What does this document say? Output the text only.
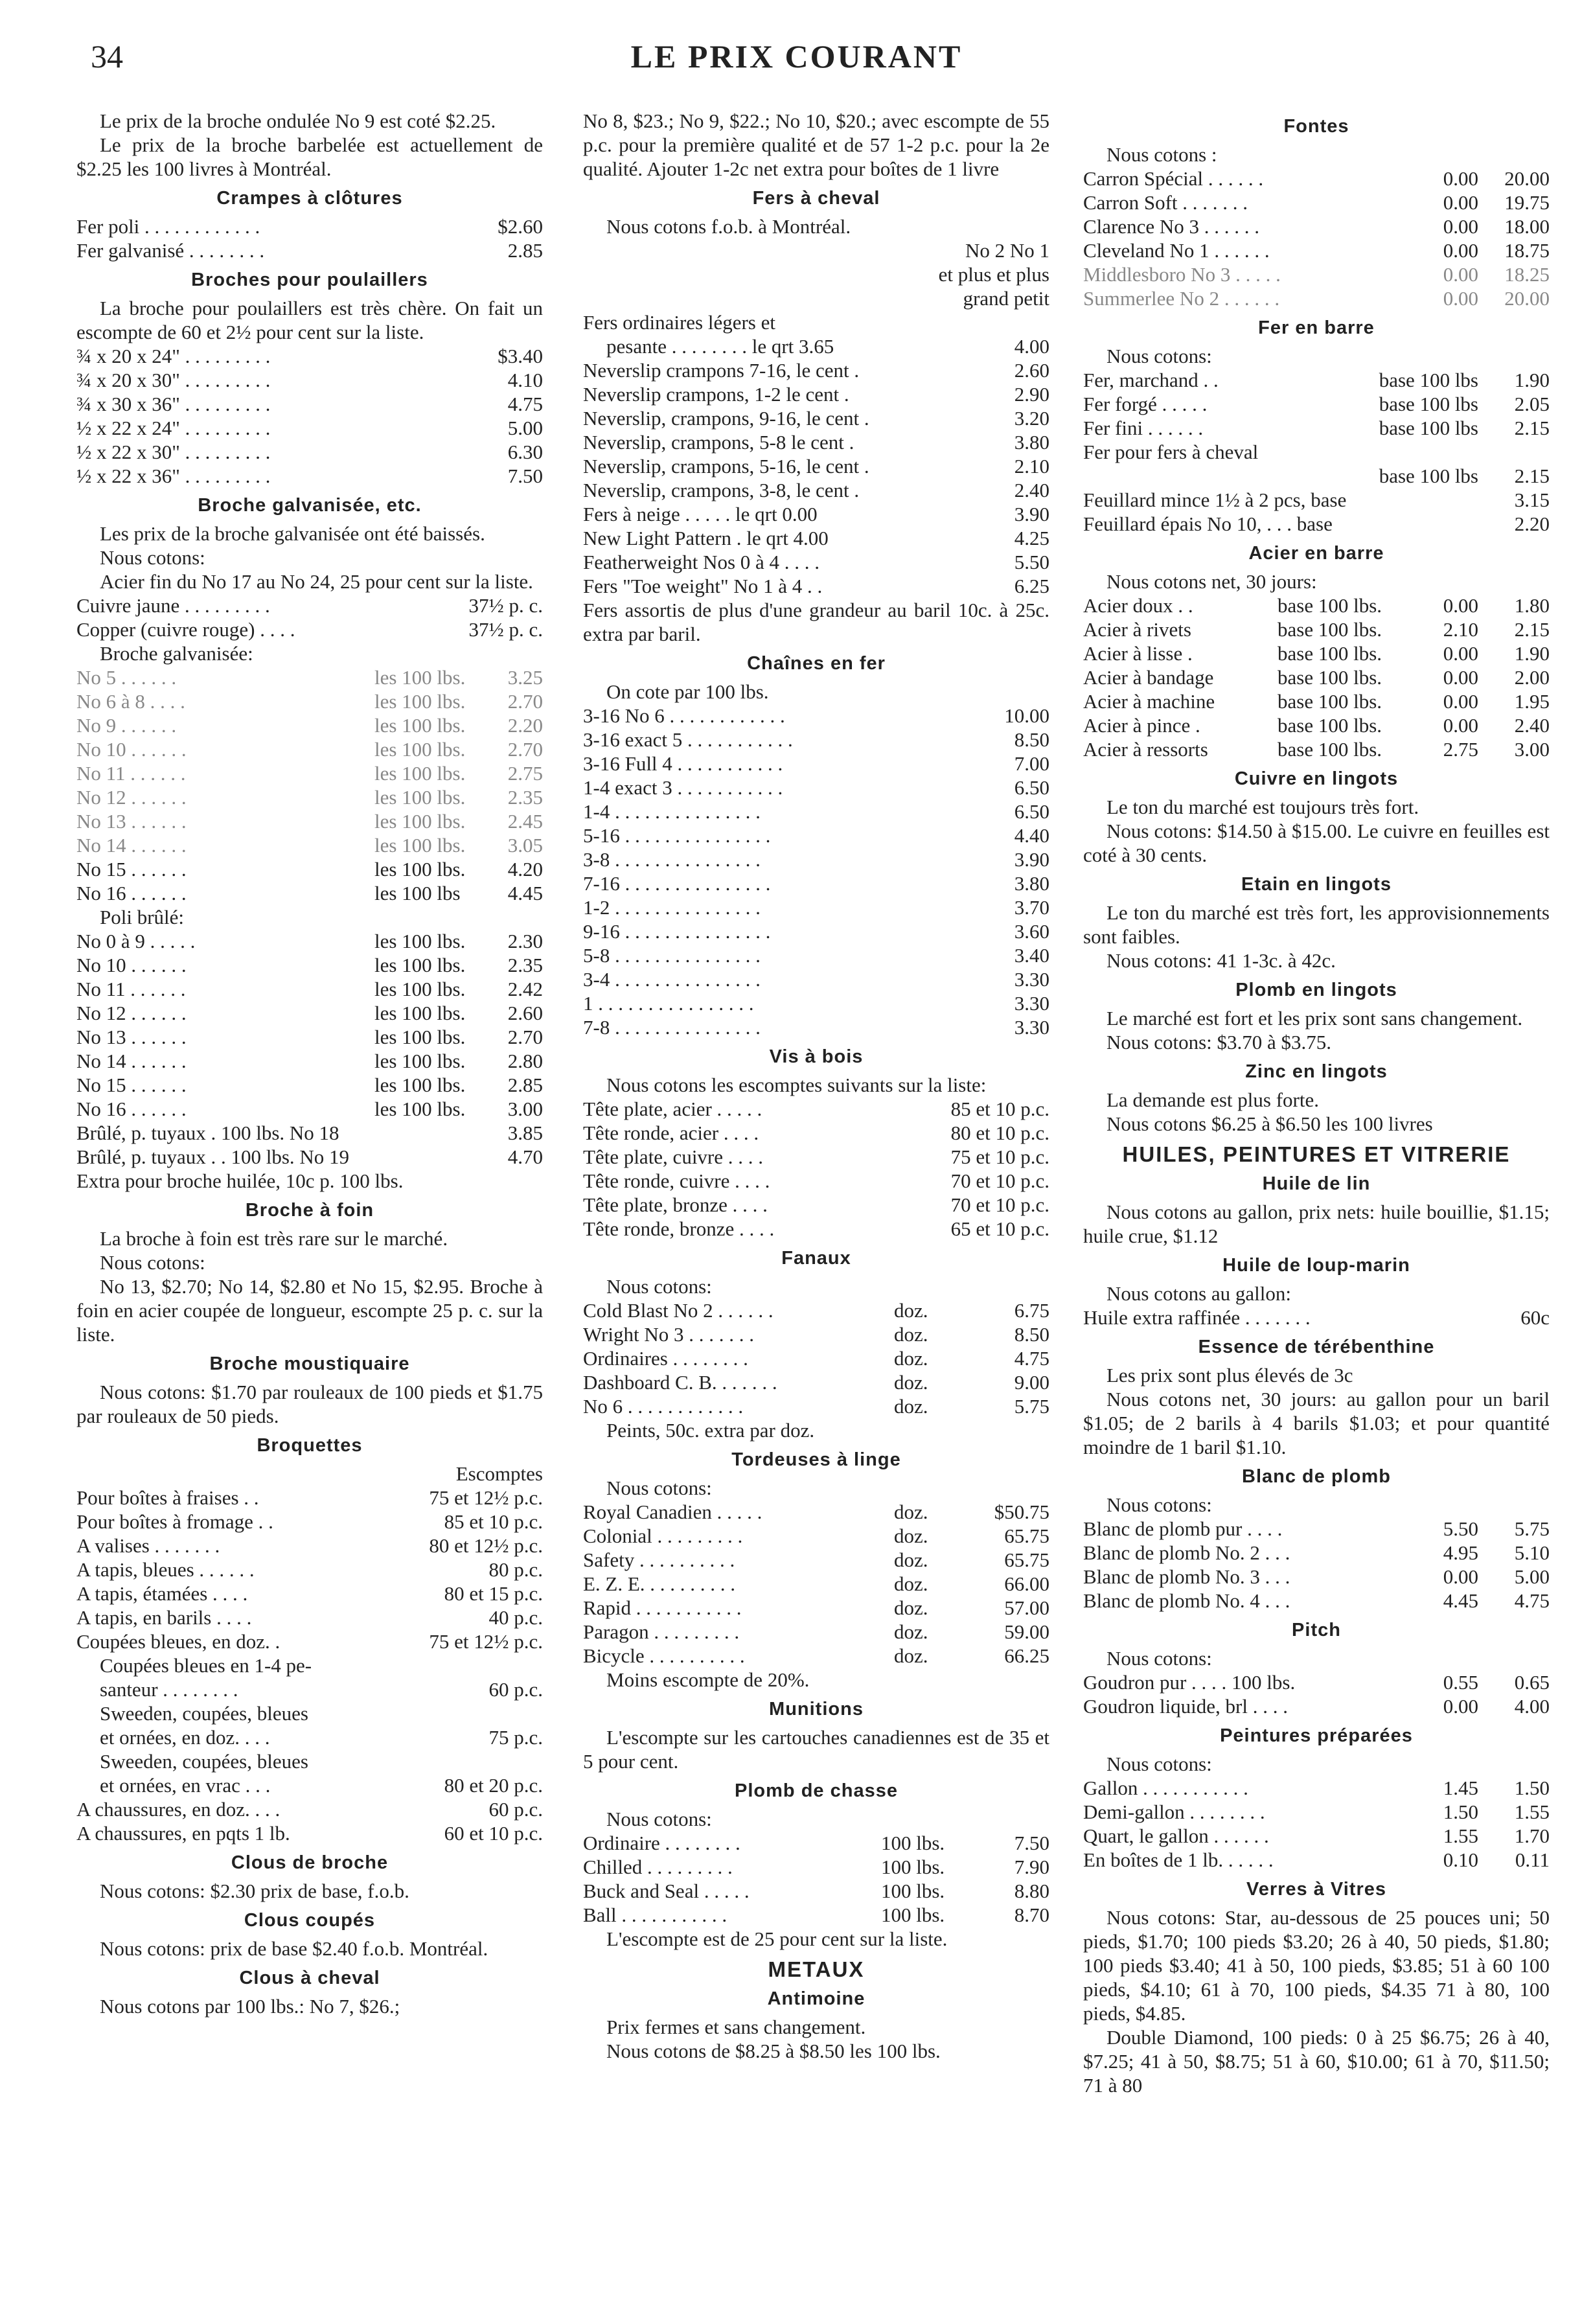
34	LE PRIX COURANT

Le prix de la broche ondulée No 9 est coté $2.25.

Le prix de la broche barbelée est actuellement de $2.25 les 100 livres à Montréal.

Crampes à clôtures
Fer poli . . . . . . . . . . . .	$2.60
Fer galvanisé . . . . . . . .	2.85
Broches pour poulaillers

La broche pour poulaillers est très chère. On fait un escompte de 60 et 2½ pour cent sur la liste.

¾ x 20 x 24" . . . . . . . . .	$3.40
¾ x 20 x 30" . . . . . . . . .	4.10
¾ x 30 x 36" . . . . . . . . .	4.75
½ x 22 x 24" . . . . . . . . .	5.00
½ x 22 x 30" . . . . . . . . .	6.30
½ x 22 x 36" . . . . . . . . .	7.50
Broche galvanisée, etc.

Les prix de la broche galvanisée ont été baissés.

Nous cotons:

Acier fin du No 17 au No 24, 25 pour cent sur la liste.

Cuivre jaune . . . . . . . . .	37½ p. c.
Copper (cuivre rouge) . . . .	37½ p. c.

Broche galvanisée:

No 5 . . . . . .	les 100 lbs.	3.25
No 6 à 8 . . . .	les 100 lbs.	2.70
No 9 . . . . . .	les 100 lbs.	2.20
No 10 . . . . . .	les 100 lbs.	2.70
No 11 . . . . . .	les 100 lbs.	2.75
No 12 . . . . . .	les 100 lbs.	2.35
No 13 . . . . . .	les 100 lbs.	2.45
No 14 . . . . . .	les 100 lbs.	3.05
No 15 . . . . . .	les 100 lbs.	4.20
No 16 . . . . . .	les 100 lbs	4.45

Poli brûlé:

No 0 à 9 . . . . .	les 100 lbs.	2.30
No 10 . . . . . .	les 100 lbs.	2.35
No 11 . . . . . .	les 100 lbs.	2.42
No 12 . . . . . .	les 100 lbs.	2.60
No 13 . . . . . .	les 100 lbs.	2.70
No 14 . . . . . .	les 100 lbs.	2.80
No 15 . . . . . .	les 100 lbs.	2.85
No 16 . . . . . .	les 100 lbs.	3.00
Brûlé, p. tuyaux . 100 lbs. No 18	3.85
Brûlé, p. tuyaux . . 100 lbs. No 19	4.70
Extra pour broche huilée, 10c p. 100 lbs.
Broche à foin

La broche à foin est très rare sur le marché.

Nous cotons:

No 13, $2.70; No 14, $2.80 et No 15, $2.95. Broche à foin en acier coupée de longueur, escompte 25 p. c. sur la liste.

Broche moustiquaire

Nous cotons: $1.70 par rouleaux de 100 pieds et $1.75 par rouleaux de 50 pieds.

Broquettes
Escomptes
Pour boîtes à fraises . .	75 et 12½ p.c.
Pour boîtes à fromage . .	85 et 10 p.c.
A valises . . . . . . .	80 et 12½ p.c.
A tapis, bleues . . . . . .	80 p.c.
A tapis, étamées . . . .	80 et 15 p.c.
A tapis, en barils . . . .	40 p.c.
Coupées bleues, en doz. .	75 et 12½ p.c.

Coupées bleues en 1-4 pe-

santeur . . . . . . . .	60 p.c.

Sweeden, coupées, bleues

et ornées, en doz. . . .	75 p.c.

Sweeden, coupées, bleues

et ornées, en vrac . . .	80 et 20 p.c.
A chaussures, en doz. . . .	60 p.c.
A chaussures, en pqts 1 lb.	60 et 10 p.c.
Clous de broche

Nous cotons: $2.30 prix de base, f.o.b.

Clous coupés

Nous cotons: prix de base $2.40 f.o.b. Montréal.

Clous à cheval

Nous cotons par 100 lbs.: No 7, $26.;

No 8, $23.; No 9, $22.; No 10, $20.; avec escompte de 55 p.c. pour la première qualité et de 57 1-2 p.c. pour la 2e qualité. Ajouter 1-2c net extra pour boîtes de 1 livre

Fers à cheval

Nous cotons f.o.b. à Montréal.

No 2 No 1
et plus et plus
grand petit

Fers ordinaires légers et

pesante . . . . . . . . le qrt 3.65	4.00
Neverslip crampons 7-16, le cent .	2.60
Neverslip crampons, 1-2 le cent .	2.90
Neverslip, crampons, 9-16, le cent .	3.20
Neverslip, crampons, 5-8 le cent .	3.80
Neverslip, crampons, 5-16, le cent .	2.10
Neverslip, crampons, 3-8, le cent .	2.40
Fers à neige . . . . . le qrt 0.00	3.90
New Light Pattern . le qrt 4.00	4.25
Featherweight Nos 0 à 4 . . . .	5.50
Fers "Toe weight" No 1 à 4 . .	6.25

Fers assortis de plus d'une grandeur au baril 10c. à 25c. extra par baril.

Chaînes en fer

On cote par 100 lbs.

3-16 No 6 . . . . . . . . . . . .	10.00
3-16 exact 5 . . . . . . . . . . .	8.50
3-16 Full 4 . . . . . . . . . . .	7.00
1-4 exact 3 . . . . . . . . . . .	6.50
1-4 . . . . . . . . . . . . . . .	6.50
5-16 . . . . . . . . . . . . . . .	4.40
3-8 . . . . . . . . . . . . . . .	3.90
7-16 . . . . . . . . . . . . . . .	3.80
1-2 . . . . . . . . . . . . . . .	3.70
9-16 . . . . . . . . . . . . . . .	3.60
5-8 . . . . . . . . . . . . . . .	3.40
3-4 . . . . . . . . . . . . . . .	3.30
1 . . . . . . . . . . . . . . . .	3.30
7-8 . . . . . . . . . . . . . . .	3.30
Vis à bois

Nous cotons les escomptes suivants sur la liste:

Tête plate, acier . . . . .	85 et 10 p.c.
Tête ronde, acier . . . .	80 et 10 p.c.
Tête plate, cuivre . . . .	75 et 10 p.c.
Tête ronde, cuivre . . . .	70 et 10 p.c.
Tête plate, bronze . . . .	70 et 10 p.c.
Tête ronde, bronze . . . .	65 et 10 p.c.
Fanaux

Nous cotons:

Cold Blast No 2 . . . . . .	doz.	6.75
Wright No 3 . . . . . . .	doz.	8.50
Ordinaires . . . . . . . .	doz.	4.75
Dashboard C. B. . . . . . .	doz.	9.00
No 6 . . . . . . . . . . . .	doz.	5.75

Peints, 50c. extra par doz.

Tordeuses à linge

Nous cotons:

Royal Canadien . . . . .	doz.	$50.75
Colonial . . . . . . . . .	doz.	65.75
Safety . . . . . . . . . .	doz.	65.75
E. Z. E. . . . . . . . . .	doz.	66.00
Rapid . . . . . . . . . . .	doz.	57.00
Paragon . . . . . . . . .	doz.	59.00
Bicycle . . . . . . . . . .	doz.	66.25

Moins escompte de 20%.

Munitions

L'escompte sur les cartouches canadiennes est de 35 et 5 pour cent.

Plomb de chasse

Nous cotons:

Ordinaire . . . . . . . .	100 lbs.	7.50
Chilled . . . . . . . . .	100 lbs.	7.90
Buck and Seal . . . . .	100 lbs.	8.80
Ball . . . . . . . . . . .	100 lbs.	8.70

L'escompte est de 25 pour cent sur la liste.

METAUX
Antimoine

Prix fermes et sans changement.

Nous cotons de $8.25 à $8.50 les 100 lbs.

Fontes

Nous cotons :

Carron Spécial . . . . . .	0.00	20.00
Carron Soft . . . . . . .	0.00	19.75
Clarence No 3 . . . . . .	0.00	18.00
Cleveland No 1 . . . . . .	0.00	18.75
Middlesboro No 3 . . . . .	0.00	18.25
Summerlee No 2 . . . . . .	0.00	20.00
Fer en barre

Nous cotons:

Fer, marchand . .	base 100 lbs	1.90
Fer forgé . . . . .	base 100 lbs	2.05
Fer fini . . . . . .	base 100 lbs	2.15

Fer pour fers à cheval

base 100 lbs	2.15
Feuillard mince 1½ à 2 pcs, base	3.15
Feuillard épais No 10, . . . base	2.20
Acier en barre

Nous cotons net, 30 jours:

Acier doux . .	base 100 lbs.	0.00	1.80
Acier à rivets	base 100 lbs.	2.10	2.15
Acier à lisse .	base 100 lbs.	0.00	1.90
Acier à bandage	base 100 lbs.	0.00	2.00
Acier à machine	base 100 lbs.	0.00	1.95
Acier à pince .	base 100 lbs.	0.00	2.40
Acier à ressorts	base 100 lbs.	2.75	3.00
Cuivre en lingots

Le ton du marché est toujours très fort.

Nous cotons: $14.50 à $15.00. Le cuivre en feuilles est coté à 30 cents.

Etain en lingots

Le ton du marché est très fort, les approvisionnements sont faibles.

Nous cotons: 41 1-3c. à 42c.

Plomb en lingots

Le marché est fort et les prix sont sans changement.

Nous cotons: $3.70 à $3.75.

Zinc en lingots

La demande est plus forte.

Nous cotons $6.25 à $6.50 les 100 livres

HUILES, PEINTURES ET VITRERIE
Huile de lin

Nous cotons au gallon, prix nets: huile bouillie, $1.15; huile crue, $1.12

Huile de loup-marin

Nous cotons au gallon:

Huile extra raffinée . . . . . . .	60c
Essence de térébenthine

Les prix sont plus élevés de 3c

Nous cotons net, 30 jours: au gallon pour un baril $1.05; de 2 barils à 4 barils $1.03; et pour quantité moindre de 1 baril $1.10.

Blanc de plomb

Nous cotons:

Blanc de plomb pur . . . .	5.50	5.75
Blanc de plomb No. 2 . . .	4.95	5.10
Blanc de plomb No. 3 . . .	0.00	5.00
Blanc de plomb No. 4 . . .	4.45	4.75
Pitch

Nous cotons:

Goudron pur . . . . 100 lbs.	0.55	0.65
Goudron liquide, brl . . . .	0.00	4.00
Peintures préparées

Nous cotons:

Gallon . . . . . . . . . . .	1.45	1.50
Demi-gallon . . . . . . . .	1.50	1.55
Quart, le gallon . . . . . .	1.55	1.70
En boîtes de 1 lb. . . . . .	0.10	0.11
Verres à Vitres

Nous cotons: Star, au-dessous de 25 pouces uni; 50 pieds, $1.70; 100 pieds $3.20; 26 à 40, 50 pieds, $1.80; 100 pieds $3.40; 41 à 50, 100 pieds, $3.85; 51 à 60 100 pieds, $4.10; 61 à 70, 100 pieds, $4.35 71 à 80, 100 pieds, $4.85.

Double Diamond, 100 pieds: 0 à 25 $6.75; 26 à 40, $7.25; 41 à 50, $8.75; 51 à 60, $10.00; 61 à 70, $11.50; 71 à 80
